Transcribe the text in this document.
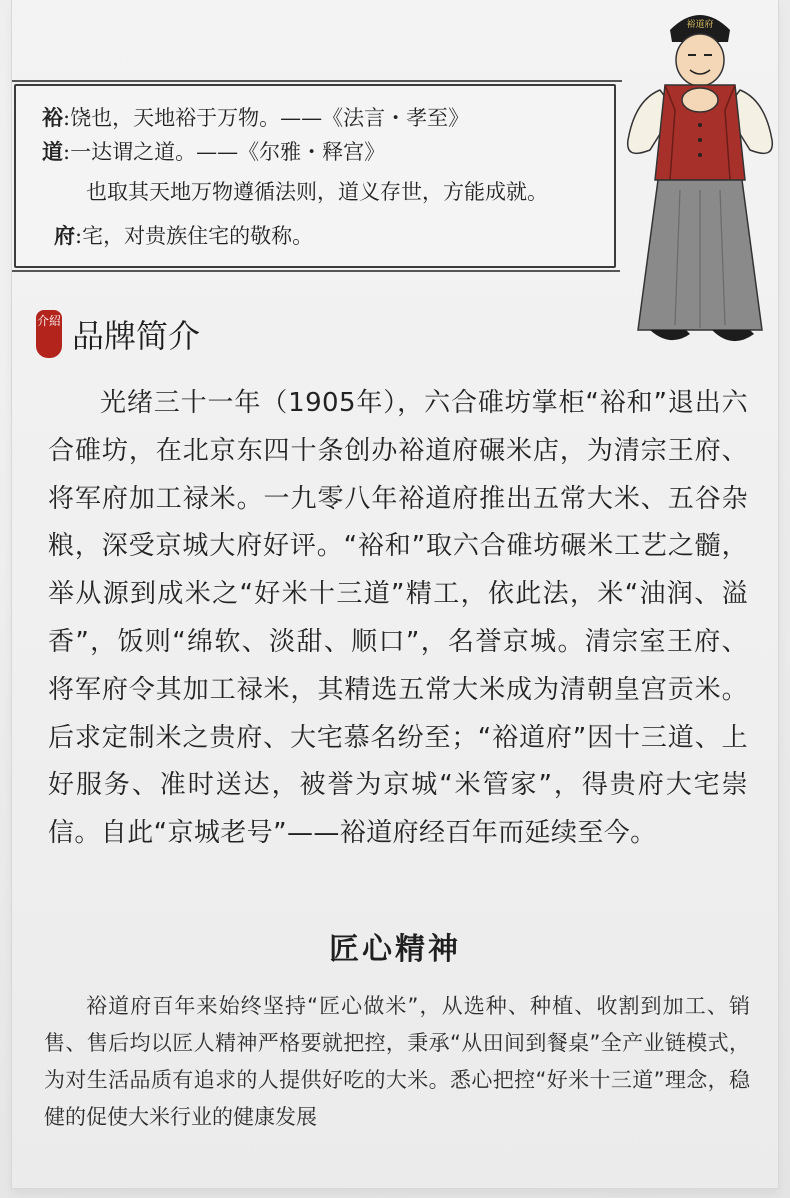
裕:饶也，天地裕于万物。——《法言・孝至》
道:一达谓之道。——《尔雅・释宫》
也取其天地万物遵循法则，道义存世，方能成就。
府:宅，对贵族住宅的敬称。
裕道府
介紹 品牌简介

光绪三十一年（1905年），六合碓坊掌柜“裕和”退出六合碓坊，在北京东四十条创办裕道府碾米店，为清宗王府、将军府加工禄米。一九零八年裕道府推出五常大米、五谷杂粮，深受京城大府好评。“裕和”取六合碓坊碾米工艺之髓，举从源到成米之“好米十三道”精工，依此法，米“油润、溢香”，饭则“绵软、淡甜、顺口”，名誉京城。清宗室王府、将军府令其加工禄米，其精选五常大米成为清朝皇宫贡米。后求定制米之贵府、大宅慕名纷至；“裕道府”因十三道、上好服务、准时送达，被誉为京城“米管家”，得贵府大宅崇信。自此“京城老号”——裕道府经百年而延续至今。

匠心精神

裕道府百年来始终坚持“匠心做米”，从选种、种植、收割到加工、销售、售后均以匠人精神严格要就把控，秉承“从田间到餐桌”全产业链模式，为对生活品质有追求的人提供好吃的大米。悉心把控“好米十三道”理念，稳健的促使大米行业的健康发展
